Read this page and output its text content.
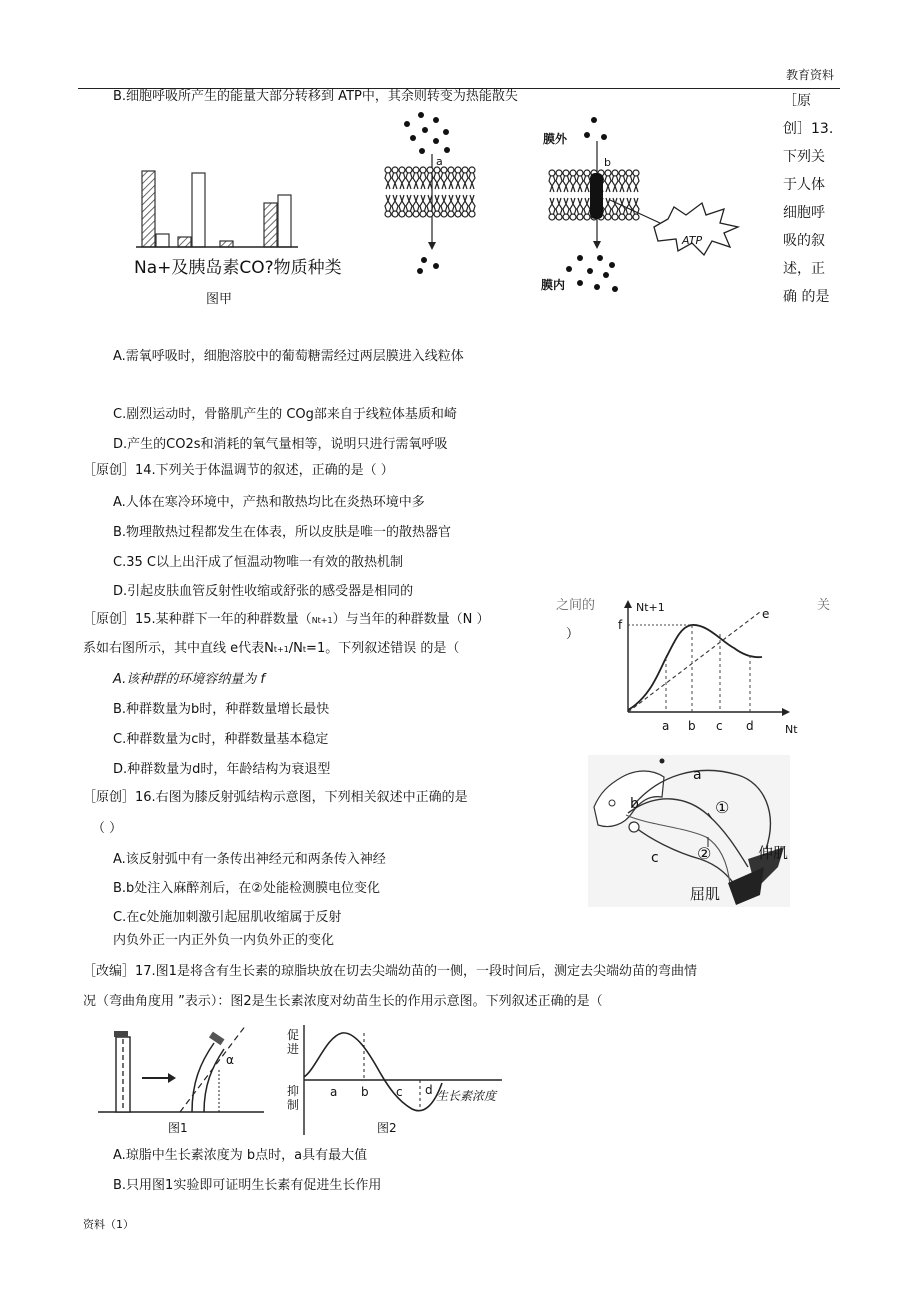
教育资料
B.细胞呼吸所产生的能量大部分转移到 ATP中，其余则转变为热能散失	［原
创］13.
下列关
于人体
细胞呼
吸的叙
述，正
确 的是
Na+及胰岛素CO?物质种类
图甲
a
膜外
b
ATP
膜内
A.需氧呼吸时，细胞溶胶中的葡萄糖需经过两层膜进入线粒体
C.剧烈运动时，骨骼肌产生的 COg部来自于线粒体基质和崎
D.产生的CO2s和消耗的氧气量相等，说明只进行需氧呼吸
［原创］14.下列关于体温调节的叙述，正确的是（ ）
A.人体在寒冷环境中，产热和散热均比在炎热环境中多
B.物理散热过程都发生在体表，所以皮肤是唯一的散热器官
C.35 C以上出汗成了恒温动物唯一有效的散热机制
D.引起皮肤血管反射性收缩或舒张的感受器是相同的
［原创］15.某种群下一年的种群数量（Nt+1）与当年的种群数量（N ）
之间的	关
）
系如右图所示，其中直线 e代表Nt+1/Nt=1。下列叙述错误 的是（
A.该种群的环境容纳量为 f
B.种群数量为b时，种群数量增长最快
C.种群数量为c时，种群数量基本稳定
D.种群数量为d时，年龄结构为衰退型
Nt+1	e
f
a b c d	Nt
［原创］16.右图为膝反射弧结构示意图，下列相关叙述中正确的是
（ ）
A.该反射弧中有一条传出神经元和两条传入神经
B.b处注入麻醉剂后，在②处能检测膜电位变化
C.在c处施加刺激引起屈肌收缩属于反射
内负外正一内正外负一内负外正的变化
a
b	①
②
c	伸肌
屈肌
［改编］17.图1是将含有生长素的琼脂块放在切去尖端幼苗的一侧，一段时间后，测定去尖端幼苗的弯曲情
况（弯曲角度用 ”表示）：图2是生长素浓度对幼苗生长的作用示意图。下列叙述正确的是（
α
图1
促进
抑制
a b c d 生长素浓度
图2
A.琼脂中生长素浓度为 b点时，a具有最大值
B.只用图1实验即可证明生长素有促进生长作用
资料（1）
